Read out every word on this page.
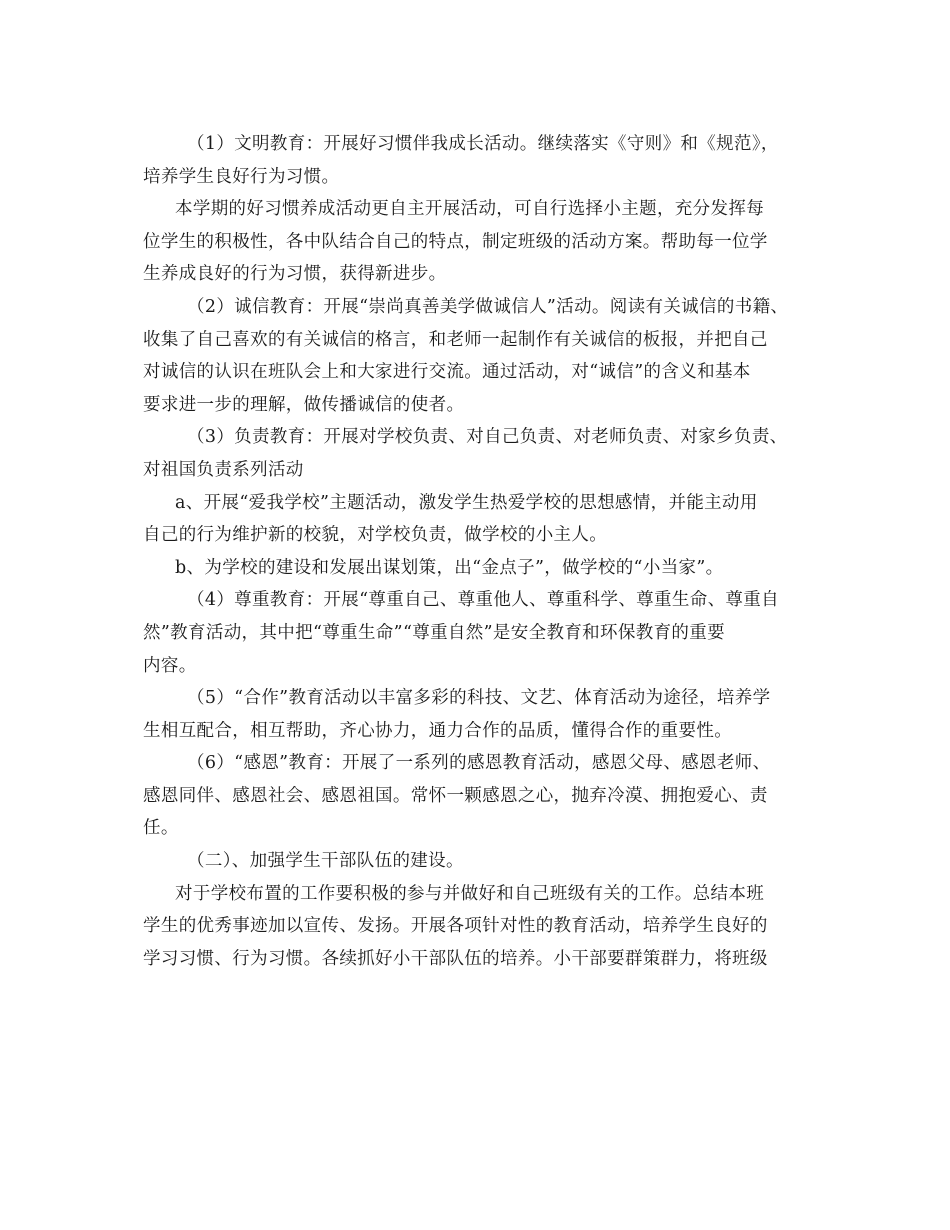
（1）文明教育：开展好习惯伴我成长活动。继续落实《守则》和《规范》，
培养学生良好行为习惯。
本学期的好习惯养成活动更自主开展活动，可自行选择小主题，充分发挥每
位学生的积极性，各中队结合自己的特点，制定班级的活动方案。帮助每一位学
生养成良好的行为习惯，获得新进步。
（2）诚信教育：开展“崇尚真善美学做诚信人”活动。阅读有关诚信的书籍、
收集了自己喜欢的有关诚信的格言，和老师一起制作有关诚信的板报，并把自己
对诚信的认识在班队会上和大家进行交流。通过活动，对“诚信”的含义和基本
要求进一步的理解，做传播诚信的使者。
（3）负责教育：开展对学校负责、对自己负责、对老师负责、对家乡负责、
对祖国负责系列活动
a、开展“爱我学校”主题活动，激发学生热爱学校的思想感情，并能主动用
自己的行为维护新的校貌，对学校负责，做学校的小主人。
b、为学校的建设和发展出谋划策，出“金点子”，做学校的“小当家”。
（4）尊重教育：开展“尊重自己、尊重他人、尊重科学、尊重生命、尊重自
然”教育活动，其中把“尊重生命”“尊重自然”是安全教育和环保教育的重要
内容。
（5）“合作”教育活动以丰富多彩的科技、文艺、体育活动为途径，培养学
生相互配合，相互帮助，齐心协力，通力合作的品质，懂得合作的重要性。
（6）“感恩”教育：开展了一系列的感恩教育活动，感恩父母、感恩老师、
感恩同伴、感恩社会、感恩祖国。常怀一颗感恩之心，抛弃冷漠、拥抱爱心、责
任。
（二）、加强学生干部队伍的建设。
对于学校布置的工作要积极的参与并做好和自己班级有关的工作。总结本班
学生的优秀事迹加以宣传、发扬。开展各项针对性的教育活动，培养学生良好的
学习习惯、行为习惯。各续抓好小干部队伍的培养。小干部要群策群力，将班级
